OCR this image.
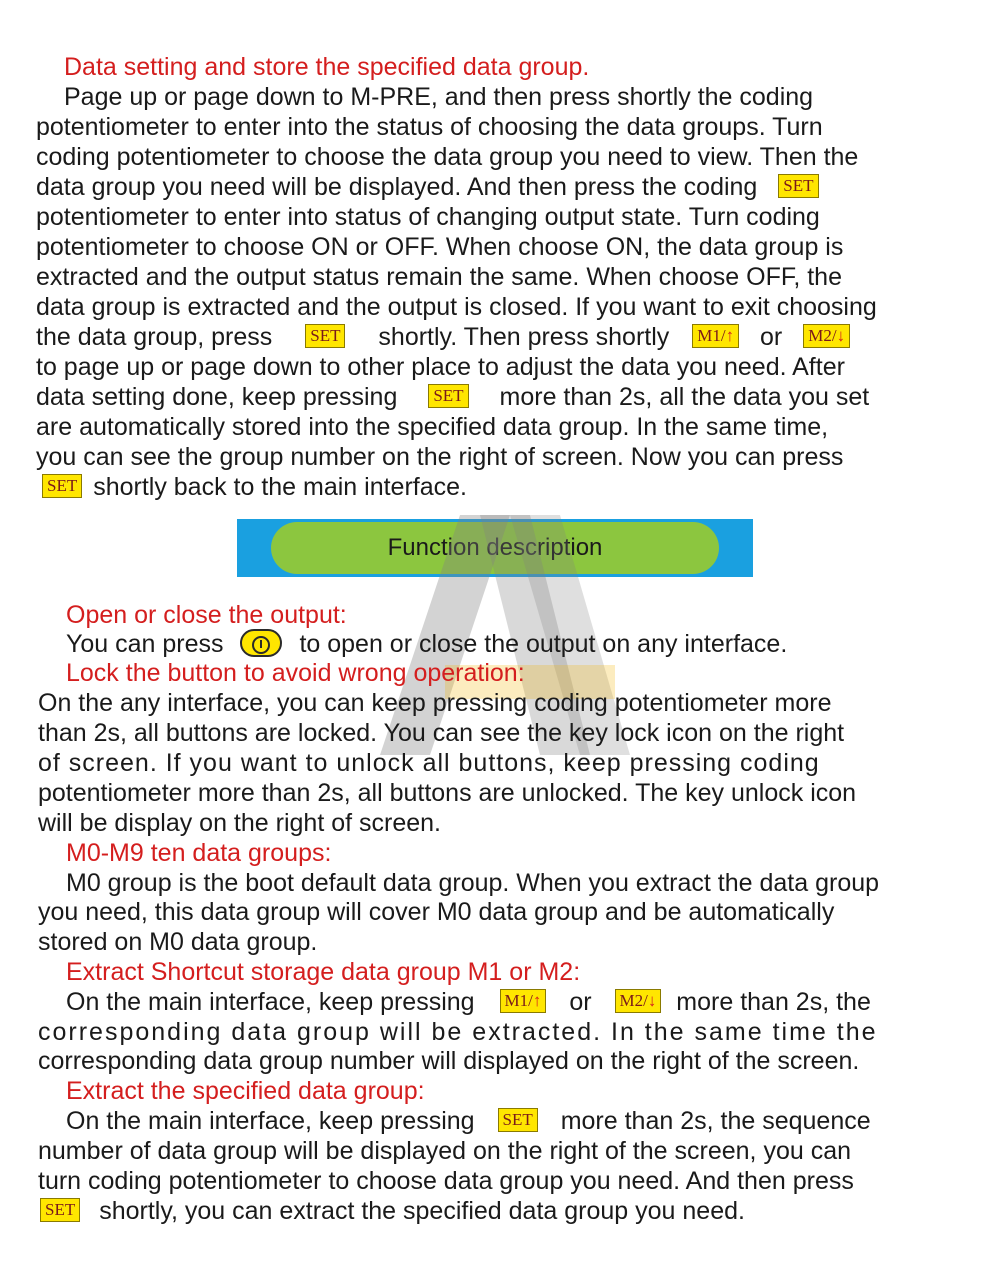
Data setting and store the specified data group.
Page up or page down to M-PRE, and then press shortly the coding
potentiometer to enter into the status of choosing the data groups. Turn
coding potentiometer to choose the data group you need to view. Then the
data group you need will be displayed. And then press the coding SET
potentiometer to enter into status of changing output state. Turn coding
potentiometer to choose ON or OFF. When choose ON, the data group is
extracted and the output status remain the same. When choose OFF, the
data group is extracted and the output is closed. If you want to exit choosing
the data group, press SET shortly. Then press shortly M1/↑ or M2/↓
to page up or page down to other place to adjust the data you need. After
data setting done, keep pressing SET more than 2s, all the data you set
are automatically stored into the specified data group. In the same time,
you can see the group number on the right of screen. Now you can press
SET shortly back to the main interface.
Function description
Open or close the output:
You can press	to open or close the output on any interface.
Lock the button to avoid wrong operation:
On the any interface, you can keep pressing coding potentiometer more
than 2s, all buttons are locked. You can see the key lock icon on the right
of screen. If you want to unlock all buttons, keep pressing coding
potentiometer more than 2s, all buttons are unlocked. The key unlock icon
will be display on the right of screen.
M0-M9 ten data groups:
M0 group is the boot default data group. When you extract the data group
you need, this data group will cover M0 data group and be automatically
stored on M0 data group.
Extract Shortcut storage data group M1 or M2:
On the main interface, keep pressing M1/↑ or M2/↓ more than 2s, the
corresponding data group will be extracted. In the same time the
corresponding data group number will displayed on the right of the screen.
Extract the specified data group:
On the main interface, keep pressing SET more than 2s, the sequence
number of data group will be displayed on the right of the screen, you can
turn coding potentiometer to choose data group you need. And then press
SET shortly, you can extract the specified data group you need.
